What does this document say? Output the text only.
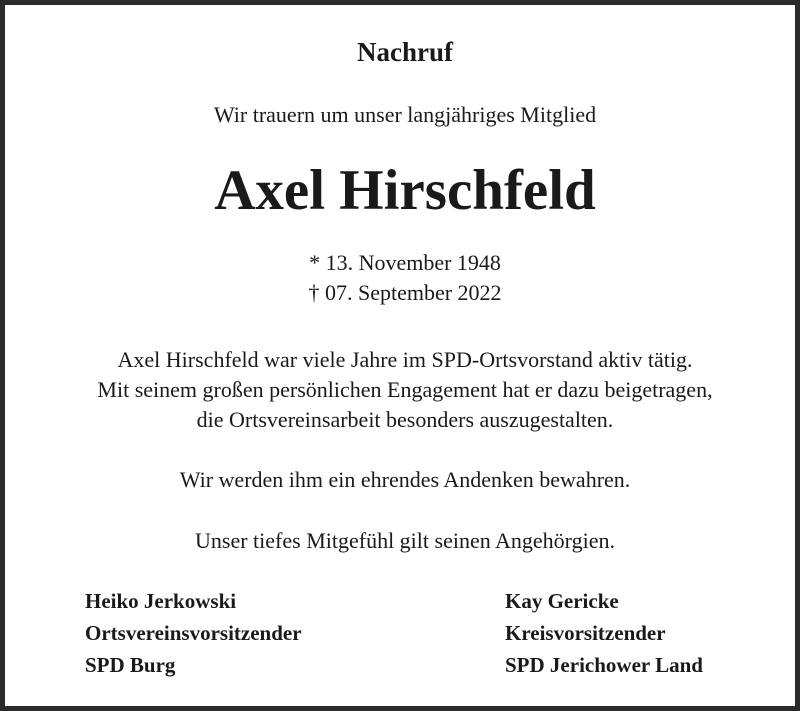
Nachruf
Wir trauern um unser langjähriges Mitglied
Axel Hirschfeld
* 13. November 1948
† 07. September 2022
Axel Hirschfeld war viele Jahre im SPD-Ortsvorstand aktiv tätig.
Mit seinem großen persönlichen Engagement hat er dazu beigetragen,
die Ortsvereinsarbeit besonders auszugestalten.
Wir werden ihm ein ehrendes Andenken bewahren.
Unser tiefes Mitgefühl gilt seinen Angehörgien.
Heiko Jerkowski
Ortsvereinsvorsitzender
SPD Burg
Kay Gericke
Kreisvorsitzender
SPD Jerichower Land
